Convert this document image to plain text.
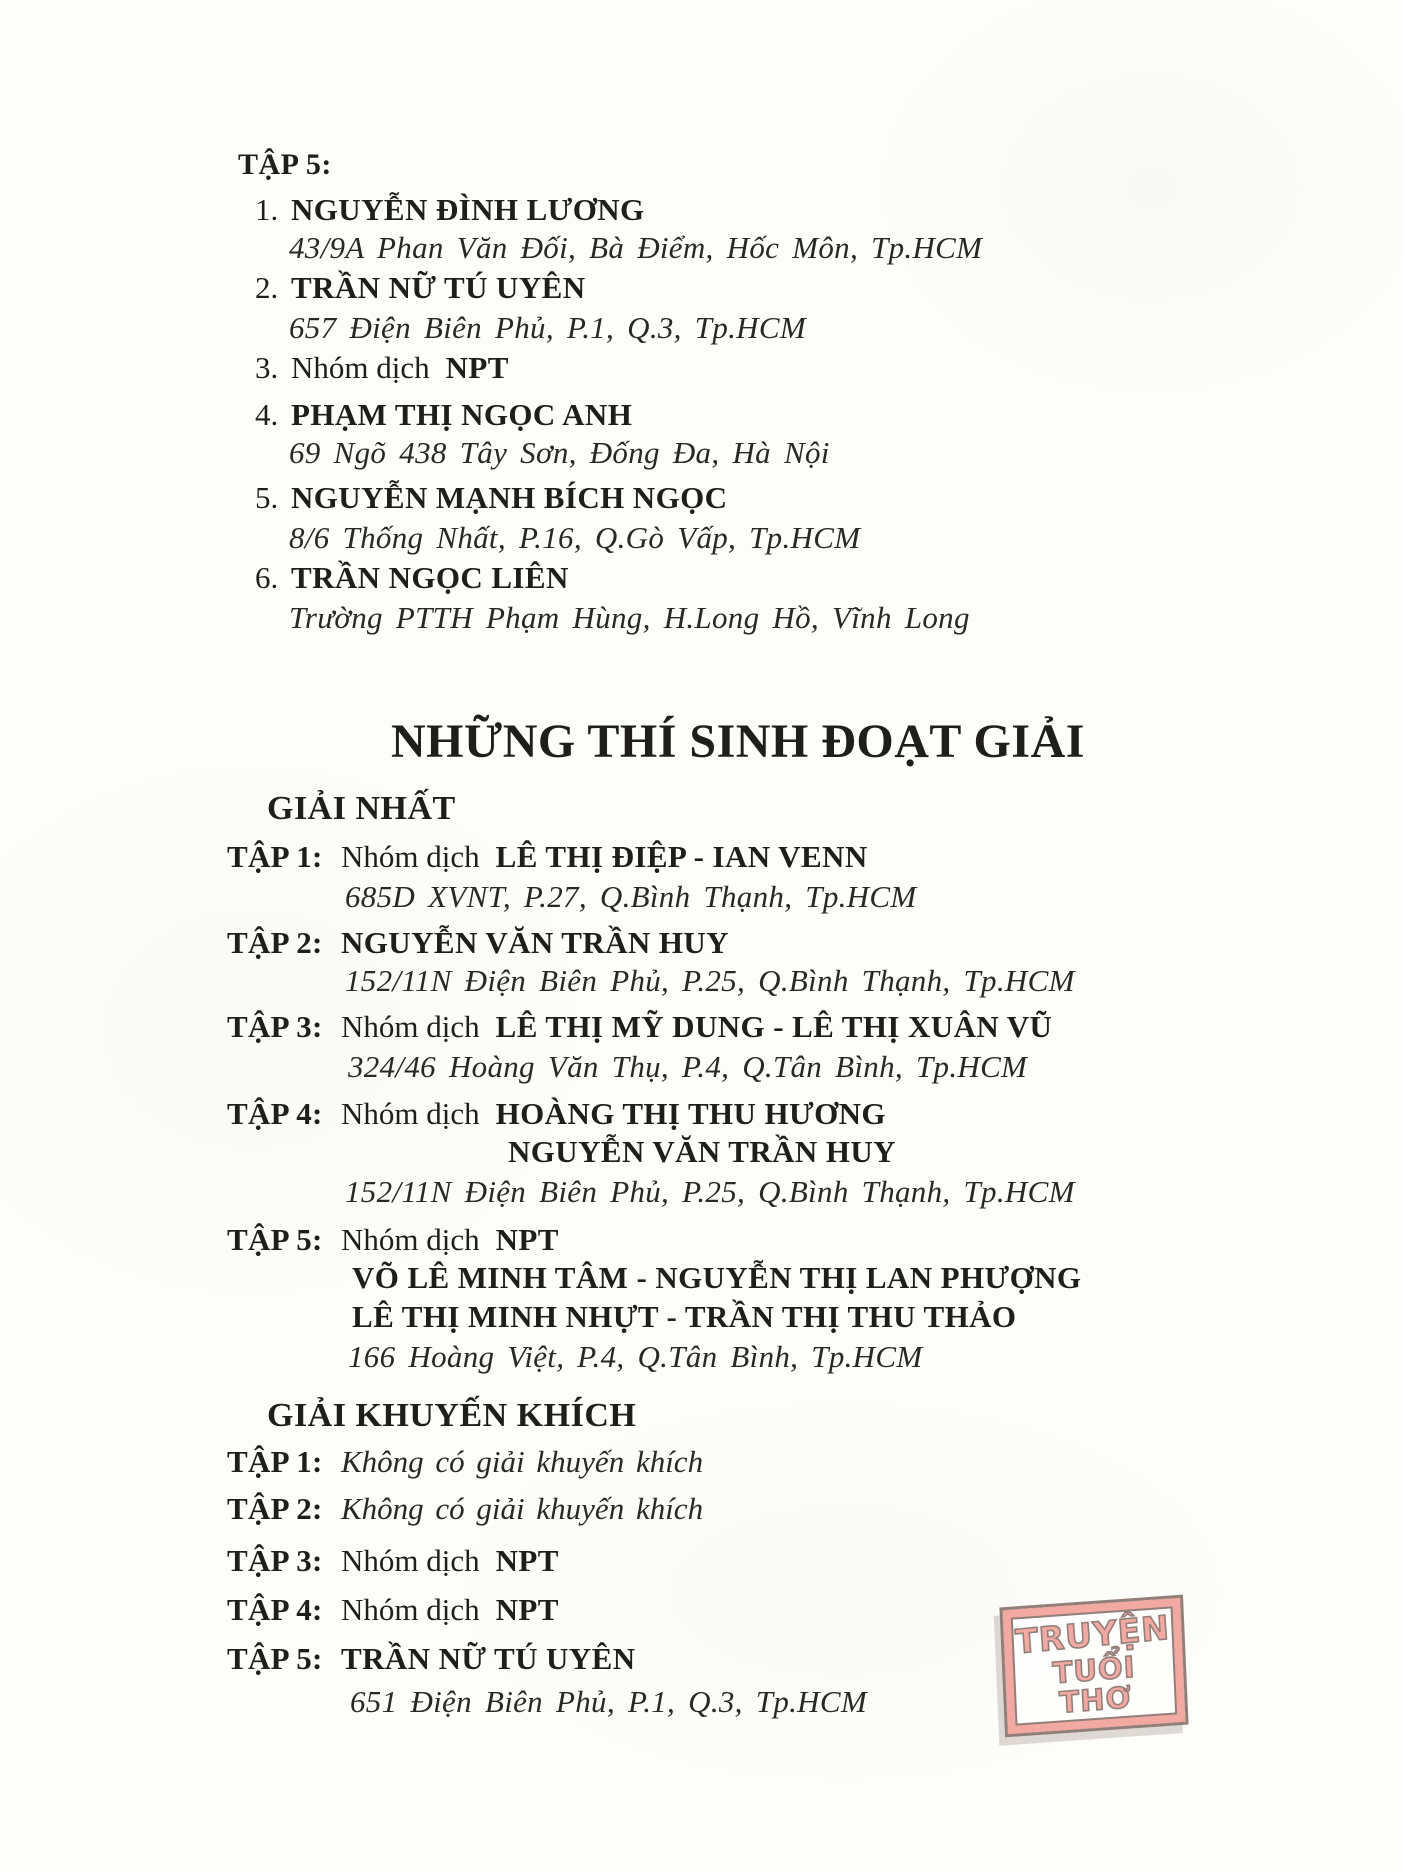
TẬP 5:
1. NGUYỄN ĐÌNH LƯƠNG
43/9A Phan Văn Đối, Bà Điểm, Hốc Môn, Tp.HCM
2. TRẦN NỮ TÚ UYÊN
657 Điện Biên Phủ, P.1, Q.3, Tp.HCM
3. Nhóm dịch NPT
4. PHẠM THỊ NGỌC ANH
69 Ngõ 438 Tây Sơn, Đống Đa, Hà Nội
5. NGUYỄN MẠNH BÍCH NGỌC
8/6 Thống Nhất, P.16, Q.Gò Vấp, Tp.HCM
6. TRẦN NGỌC LIÊN
Trường PTTH Phạm Hùng, H.Long Hồ, Vĩnh Long
NHỮNG THÍ SINH ĐOẠT GIẢI
GIẢI NHẤT
TẬP 1: Nhóm dịch LÊ THỊ ĐIỆP - IAN VENN
685D XVNT, P.27, Q.Bình Thạnh, Tp.HCM
TẬP 2: NGUYỄN VĂN TRẦN HUY
152/11N Điện Biên Phủ, P.25, Q.Bình Thạnh, Tp.HCM
TẬP 3: Nhóm dịch LÊ THỊ MỸ DUNG - LÊ THỊ XUÂN VŨ
324/46 Hoàng Văn Thụ, P.4, Q.Tân Bình, Tp.HCM
TẬP 4: Nhóm dịch HOÀNG THỊ THU HƯƠNG
NGUYỄN VĂN TRẦN HUY
152/11N Điện Biên Phủ, P.25, Q.Bình Thạnh, Tp.HCM
TẬP 5: Nhóm dịch NPT
VÕ LÊ MINH TÂM - NGUYỄN THỊ LAN PHƯỢNG
LÊ THỊ MINH NHỰT - TRẦN THỊ THU THẢO
166 Hoàng Việt, P.4, Q.Tân Bình, Tp.HCM
GIẢI KHUYẾN KHÍCH
TẬP 1: Không có giải khuyến khích
TẬP 2: Không có giải khuyến khích
TẬP 3: Nhóm dịch NPT
TẬP 4: Nhóm dịch NPT
TẬP 5: TRẦN NỮ TÚ UYÊN
651 Điện Biên Phủ, P.1, Q.3, Tp.HCM
TRUYỆN
TUỔI THƠ
